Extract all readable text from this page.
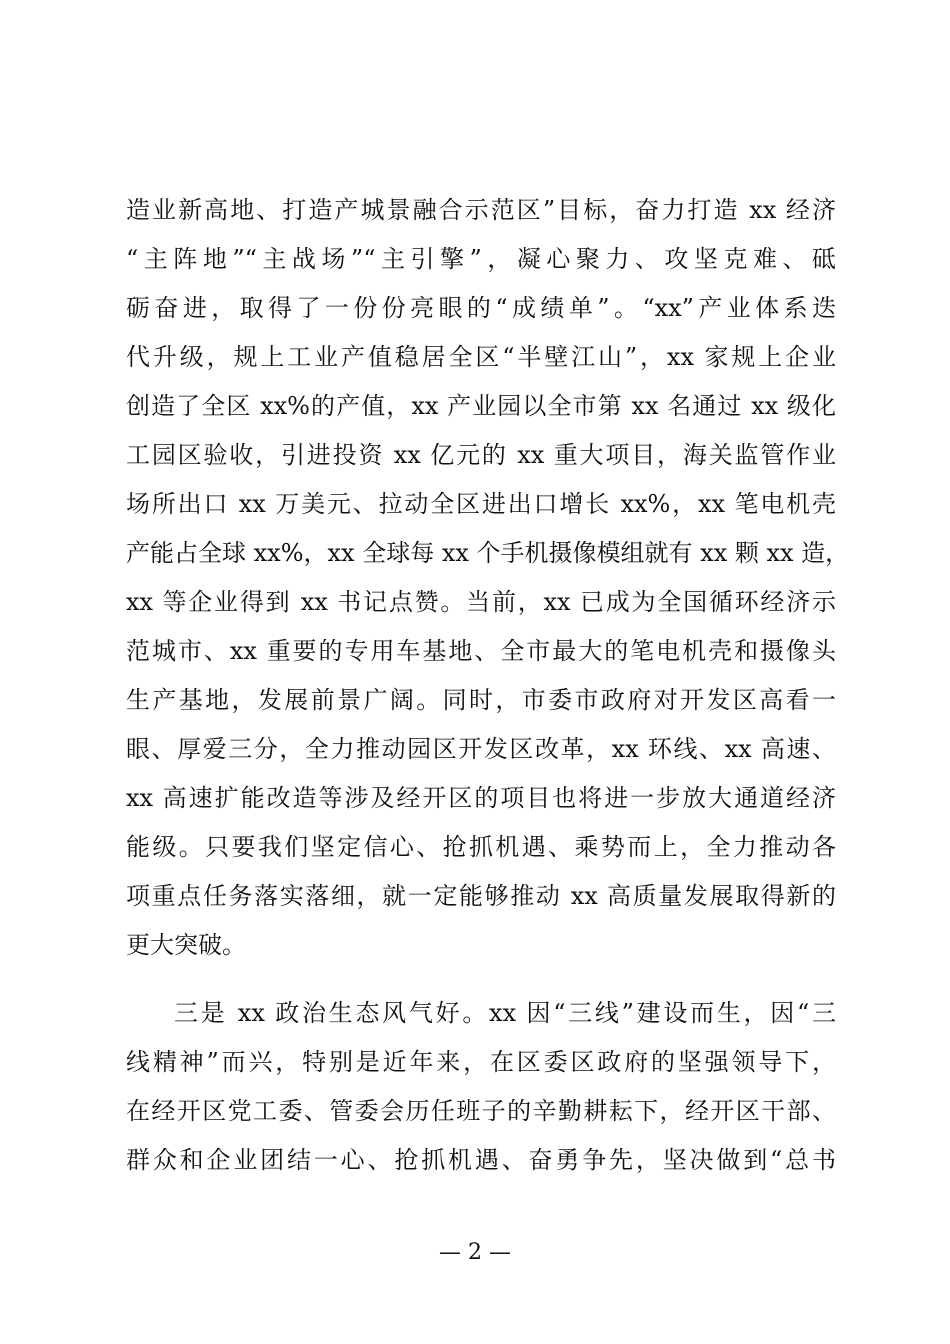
造业新高地、打造产城景融合示范区”目标，奋力打造 xx 经济
“主阵地”“主战场”“主引擎”，凝心聚力、攻坚克难、砥
砺奋进，取得了一份份亮眼的“成绩单”。“xx”产业体系迭
代升级，规上工业产值稳居全区“半壁江山”，xx 家规上企业
创造了全区 xx%的产值，xx 产业园以全市第 xx 名通过 xx 级化
工园区验收，引进投资 xx 亿元的 xx 重大项目，海关监管作业
场所出口 xx 万美元、拉动全区进出口增长 xx%，xx 笔电机壳
产能占全球 xx%，xx 全球每 xx 个手机摄像模组就有 xx 颗 xx 造，
xx 等企业得到 xx 书记点赞。当前，xx 已成为全国循环经济示
范城市、xx 重要的专用车基地、全市最大的笔电机壳和摄像头
生产基地，发展前景广阔。同时，市委市政府对开发区高看一
眼、厚爱三分，全力推动园区开发区改革，xx 环线、xx 高速、
xx 高速扩能改造等涉及经开区的项目也将进一步放大通道经济
能级。只要我们坚定信心、抢抓机遇、乘势而上，全力推动各
项重点任务落实落细，就一定能够推动 xx 高质量发展取得新的
更大突破。
三是 xx 政治生态风气好。xx 因“三线”建设而生，因“三
线精神”而兴，特别是近年来，在区委区政府的坚强领导下，
在经开区党工委、管委会历任班子的辛勤耕耘下，经开区干部、
群众和企业团结一心、抢抓机遇、奋勇争先，坚决做到“总书
— 2 —
